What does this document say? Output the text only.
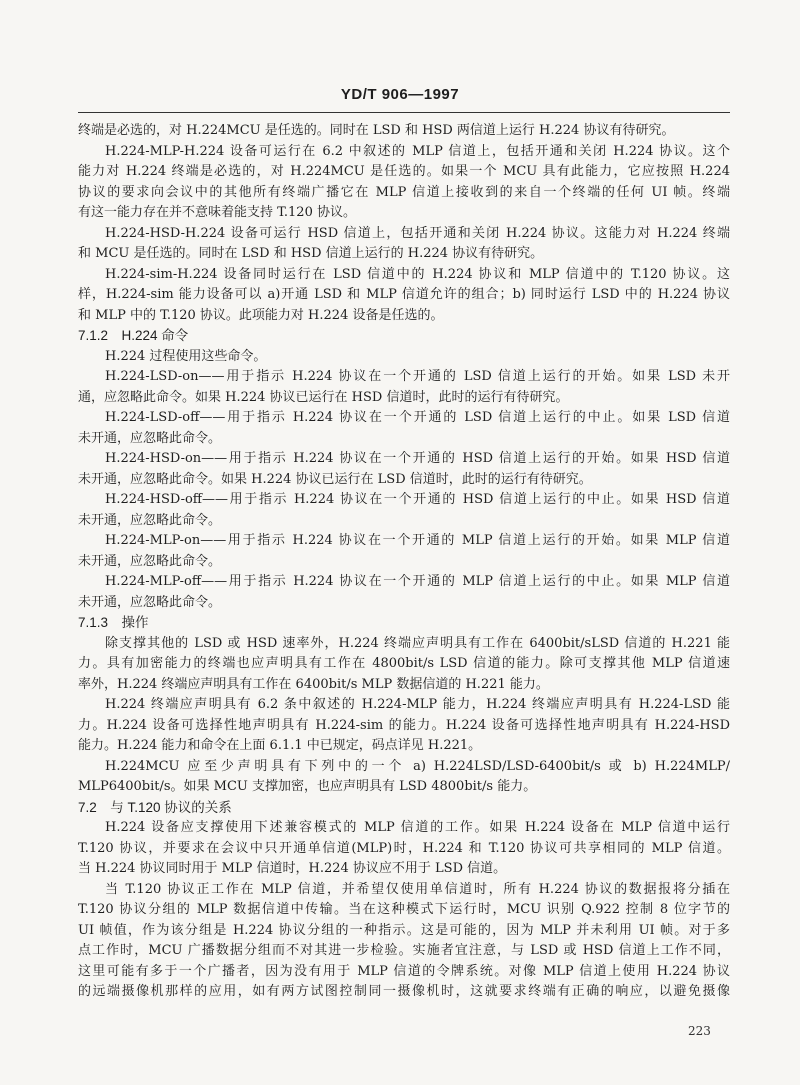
YD/T 906—1997
终端是必选的，对 H.224MCU 是任选的。同时在 LSD 和 HSD 两信道上运行 H.224 协议有待研究。
H.224-MLP-H.224 设备可运行在 6.2 中叙述的 MLP 信道上，包括开通和关闭 H.224 协议。这个
能力对 H.224 终端是必选的，对 H.224MCU 是任选的。如果一个 MCU 具有此能力，它应按照 H.224
协议的要求向会议中的其他所有终端广播它在 MLP 信道上接收到的来自一个终端的任何 UI 帧。终端
有这一能力存在并不意味着能支持 T.120 协议。
H.224-HSD-H.224 设备可运行 HSD 信道上，包括开通和关闭 H.224 协议。这能力对 H.224 终端
和 MCU 是任选的。同时在 LSD 和 HSD 信道上运行的 H.224 协议有待研究。
H.224-sim-H.224 设备同时运行在 LSD 信道中的 H.224 协议和 MLP 信道中的 T.120 协议。这
样，H.224-sim 能力设备可以 a)开通 LSD 和 MLP 信道允许的组合；b) 同时运行 LSD 中的 H.224 协议
和 MLP 中的 T.120 协议。此项能力对 H.224 设备是任选的。
7.1.2　H.224 命令
H.224 过程使用这些命令。
H.224-LSD-on——用于指示 H.224 协议在一个开通的 LSD 信道上运行的开始。如果 LSD 未开
通，应忽略此命令。如果 H.224 协议已运行在 HSD 信道时，此时的运行有待研究。
H.224-LSD-off——用于指示 H.224 协议在一个开通的 LSD 信道上运行的中止。如果 LSD 信道
未开通，应忽略此命令。
H.224-HSD-on——用于指示 H.224 协议在一个开通的 HSD 信道上运行的开始。如果 HSD 信道
未开通，应忽略此命令。如果 H.224 协议已运行在 LSD 信道时，此时的运行有待研究。
H.224-HSD-off——用于指示 H.224 协议在一个开通的 HSD 信道上运行的中止。如果 HSD 信道
未开通，应忽略此命令。
H.224-MLP-on——用于指示 H.224 协议在一个开通的 MLP 信道上运行的开始。如果 MLP 信道
未开通，应忽略此命令。
H.224-MLP-off——用于指示 H.224 协议在一个开通的 MLP 信道上运行的中止。如果 MLP 信道
未开通，应忽略此命令。
7.1.3　操作
除支撑其他的 LSD 或 HSD 速率外，H.224 终端应声明具有工作在 6400bit/sLSD 信道的 H.221 能
力。具有加密能力的终端也应声明具有工作在 4800bit/s LSD 信道的能力。除可支撑其他 MLP 信道速
率外，H.224 终端应声明具有工作在 6400bit/s MLP 数据信道的 H.221 能力。
H.224 终端应声明具有 6.2 条中叙述的 H.224-MLP 能力，H.224 终端应声明具有 H.224-LSD 能
力。H.224 设备可选择性地声明具有 H.224-sim 的能力。H.224 设备可选择性地声明具有 H.224-HSD
能力。H.224 能力和命令在上面 6.1.1 中已规定，码点详见 H.221。
H.224MCU 应至少声明具有下列中的一个 a) H.224LSD/LSD-6400bit/s 或 b) H.224MLP/
MLP6400bit/s。如果 MCU 支撑加密，也应声明具有 LSD 4800bit/s 能力。
7.2　与 T.120 协议的关系
H.224 设备应支撑使用下述兼容模式的 MLP 信道的工作。如果 H.224 设备在 MLP 信道中运行
T.120 协议，并要求在会议中只开通单信道(MLP)时，H.224 和 T.120 协议可共享相同的 MLP 信道。
当 H.224 协议同时用于 MLP 信道时，H.224 协议应不用于 LSD 信道。
当 T.120 协议正工作在 MLP 信道，并希望仅使用单信道时，所有 H.224 协议的数据报将分插在
T.120 协议分组的 MLP 数据信道中传输。当在这种模式下运行时，MCU 识别 Q.922 控制 8 位字节的
UI 帧值，作为该分组是 H.224 协议分组的一种指示。这是可能的，因为 MLP 并未利用 UI 帧。对于多
点工作时，MCU 广播数据分组而不对其进一步检验。实施者宜注意，与 LSD 或 HSD 信道上工作不同，
这里可能有多于一个广播者，因为没有用于 MLP 信道的令牌系统。对像 MLP 信道上使用 H.224 协议
的远端摄像机那样的应用，如有两方试图控制同一摄像机时，这就要求终端有正确的响应，以避免摄像
223
